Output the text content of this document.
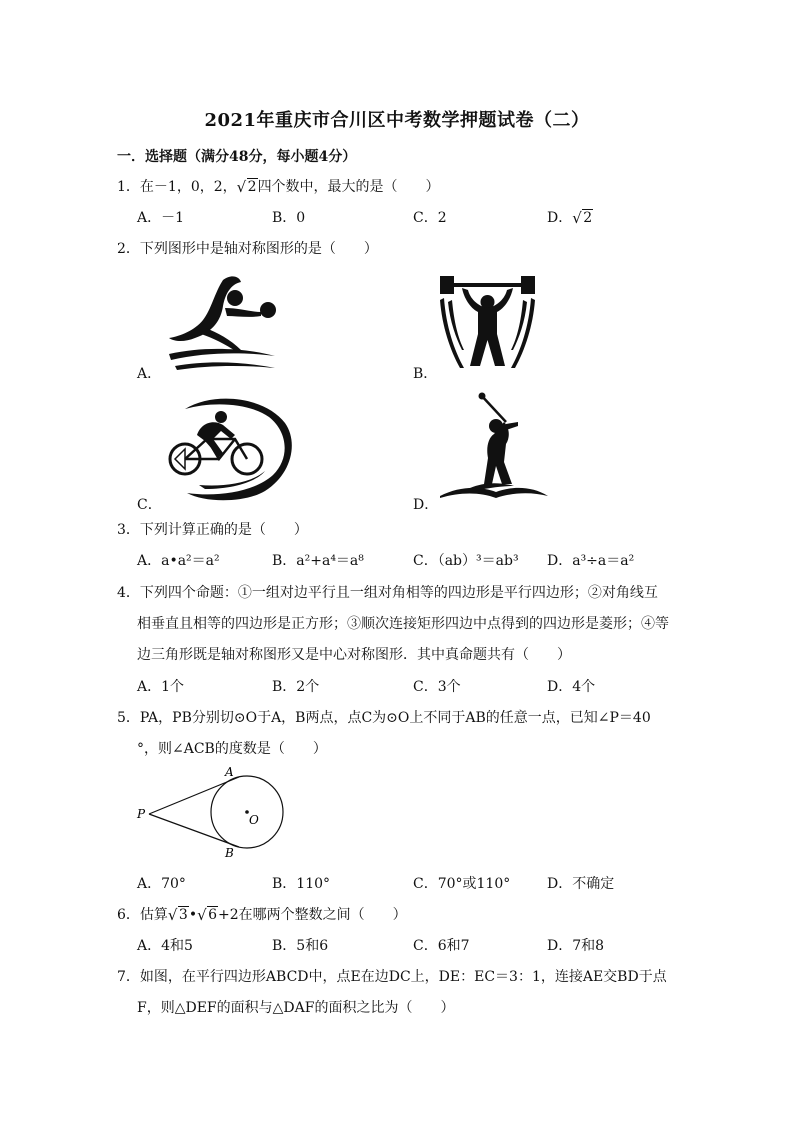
2021年重庆市合川区中考数学押题试卷（二）
一．选择题（满分48分，每小题4分）
1．在－1，0，2， √ 2四个数中，最大的是（　　）
A．－1	B．0	C．2	D． √ 2
2．下列图形中是轴对称图形的是（　　）
A．	B．
C．	D．
3．下列计算正确的是（　　）
A．a•a²＝a²	B．a²+a⁴＝a⁸	C．（ab）³＝ab³ D．a³÷a＝a²
4．下列四个命题：①一组对边平行且一组对角相等的四边形是平行四边形；②对角线互
相垂直且相等的四边形是正方形；③顺次连接矩形四边中点得到的四边形是菱形；④等
边三角形既是轴对称图形又是中心对称图形．其中真命题共有（　　）
A．1个	B．2个	C．3个	D．4个
5．PA，PB分别切⊙O于A，B两点，点C为⊙O上不同于AB的任意一点，已知∠P＝40
°，则∠ACB的度数是（　　）
A
B
P	O
A．70°	B．110°	C．70°或110°	D．不确定
6．估算 √ 3• √ 6+2在哪两个整数之间（　　）
A．4和5	B．5和6	C．6和7	D．7和8
7．如图，在平行四边形ABCD中，点E在边DC上，DE：EC＝3：1，连接AE交BD于点
F，则△DEF的面积与△DAF的面积之比为（　　）
